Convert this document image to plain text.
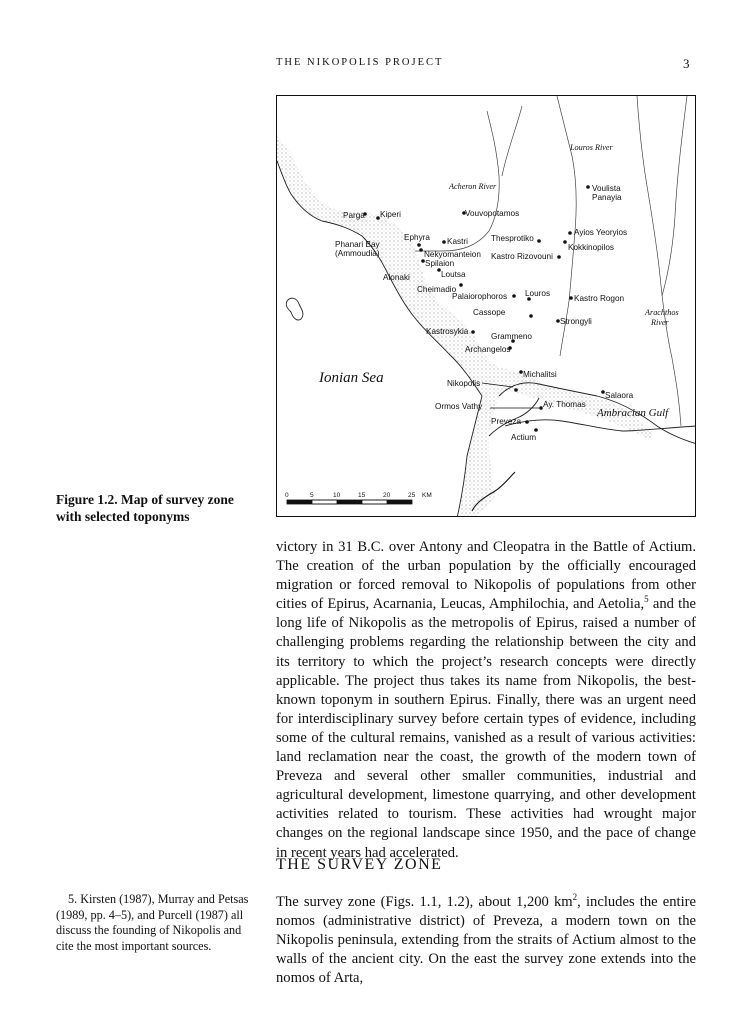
THE NIKOPOLIS PROJECT	3
Louros River
Acheron River
Arachthos
River
Ionian Sea
Ambracian Gulf
Parga Kiperi	Vouvopotamos
Voulista
Panayia
Ephyra Kastri	Thesprotiko
Ayios Yeoryios
Phanari Bay
(Ammoudia)	Nekyomanteion
Spilaion
Kastro Rizovouni
Kokkinopilos
Alonaki	Loutsa
Cheimadio	Louros
Palaiorophoros	Kastro Rogon
Cassope
Strongyli
Kastrosykia
Grammeno
Archangelos
Michalitsi
Nikopolis
Salaora
Ormos Vathy	Ay. Thomas
Preveza
Actium
0	5	10	15	20	25 KM
Figure 1.2. Map of survey zone with selected toponyms

victory in 31 B.C. over Antony and Cleopatra in the Battle of Actium. The creation of the urban population by the officially encouraged migration or forced removal to Nikopolis of populations from other cities of Epirus, Acarnania, Leucas, Amphilochia, and Aetolia,$^5$ and the long life of Nikopolis as the metropolis of Epirus, raised a number of challenging problems regarding the relationship between the city and its territory to which the project’s research concepts were directly applicable. The project thus takes its name from Nikopolis, the best-known toponym in southern Epirus. Finally, there was an urgent need for interdisciplinary survey before certain types of evidence, including some of the cultural remains, vanished as a result of various activities: land reclamation near the coast, the growth of the modern town of Preveza and several other smaller communities, industrial and agricultural development, limestone quarrying, and other development activities related to tourism. These activities had wrought major changes on the regional landscape since 1950, and the pace of change in recent years had accelerated.

THE SURVEY ZONE

The survey zone (Figs. 1.1, 1.2), about 1,200 $km^2$, includes the entire nomos (administrative district) of Preveza, a modern town on the Nikopolis peninsula, extending from the straits of Actium almost to the walls of the ancient city. On the east the survey zone extends into the nomos of Arta,

5. Kirsten (1987), Murray and Petsas (1989, pp. 4–5), and Purcell (1987) all discuss the founding of Nikopolis and cite the most important sources.
